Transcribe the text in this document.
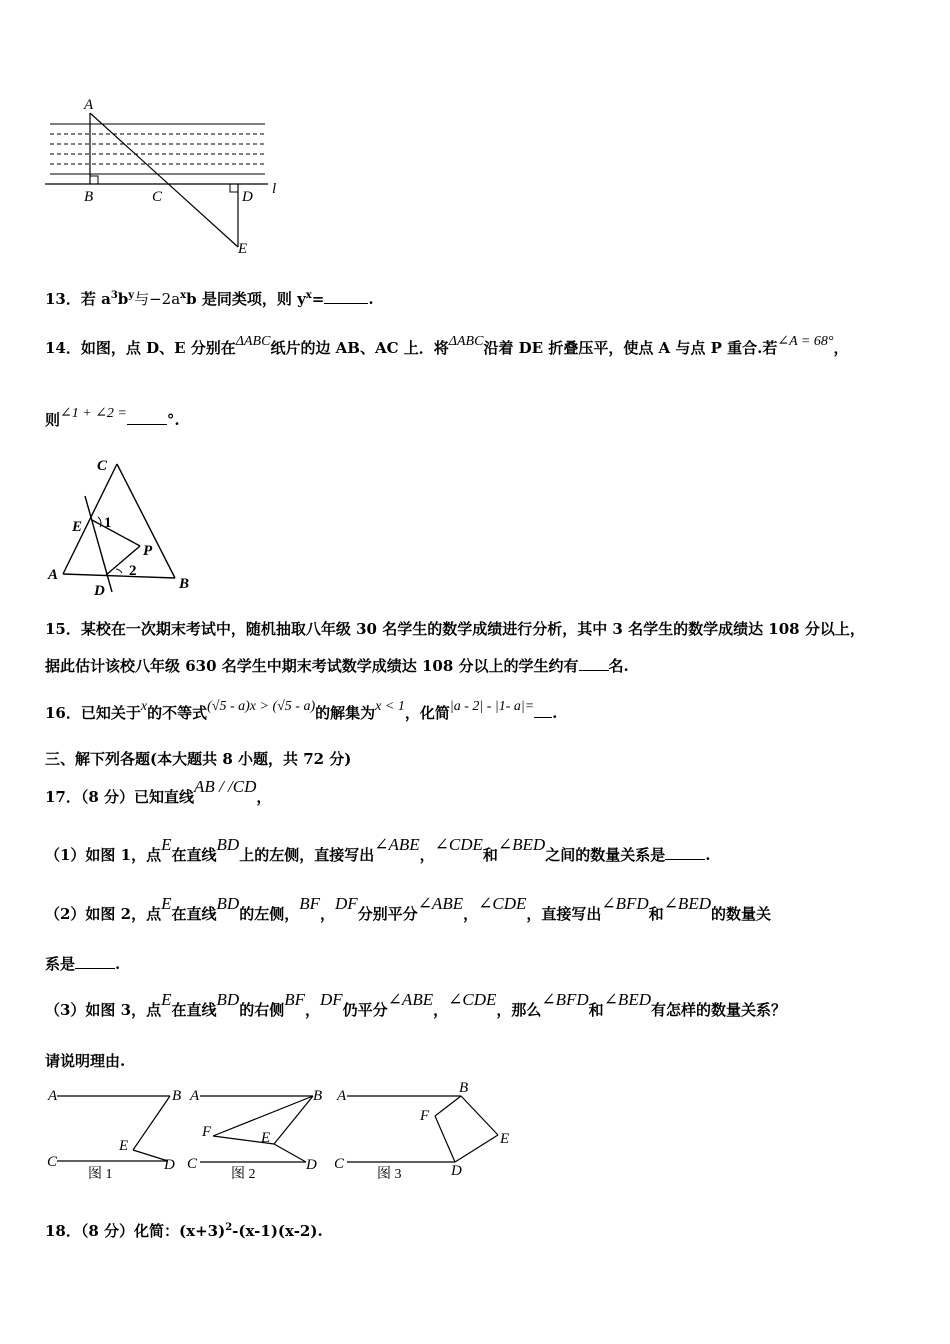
A
B	C	D
E
l
13．若 $a^3b^y$与$-2a^xb$ 是同类项，则 $y^x=$	.
14．如图，点 D、E 分别在ΔABC纸片的边 AB、AC 上．将ΔABC沿着 DE 折叠压平，使点 A 与点 P 重合.若∠A = 68°，
则∠1 + ∠2 =	°.
C
E 1
P
2
A
D	B
15．某校在一次期末考试中，随机抽取八年级 30 名学生的数学成绩进行分析，其中 3 名学生的数学成绩达 108 分以上，
据此估计该校八年级 630 名学生中期末考试数学成绩达 108 分以上的学生约有 名.
16．已知关于x的不等式(√5 - a)x > (√5 - a)的解集为x < 1，化简|a - 2| - |1- a|= .
三、解下列各题(本大题共 8 小题，共 72 分)
17．（8 分）已知直线AB / /CD，
（1）如图 1，点E在直线BD上的左侧，直接写出∠ABE，∠CDE和∠BED之间的数量关系是	.
（2）如图 2，点E在直线BD的左侧，BF，DF分别平分∠ABE，∠CDE，直接写出∠BFD和∠BED的数量关
系是	.
（3）如图 3，点E在直线BD的右侧BF，DF仍平分∠ABE，∠CDE，那么∠BFD和∠BED有怎样的数量关系？
请说明理由.
A	B
C	D
E
图 1
A	B
C	D
E
F
图 2
A	B
C	D
E
F
图 3
18．（8 分）化简：$(x+3)^2-(x-1)(x-2)$.
